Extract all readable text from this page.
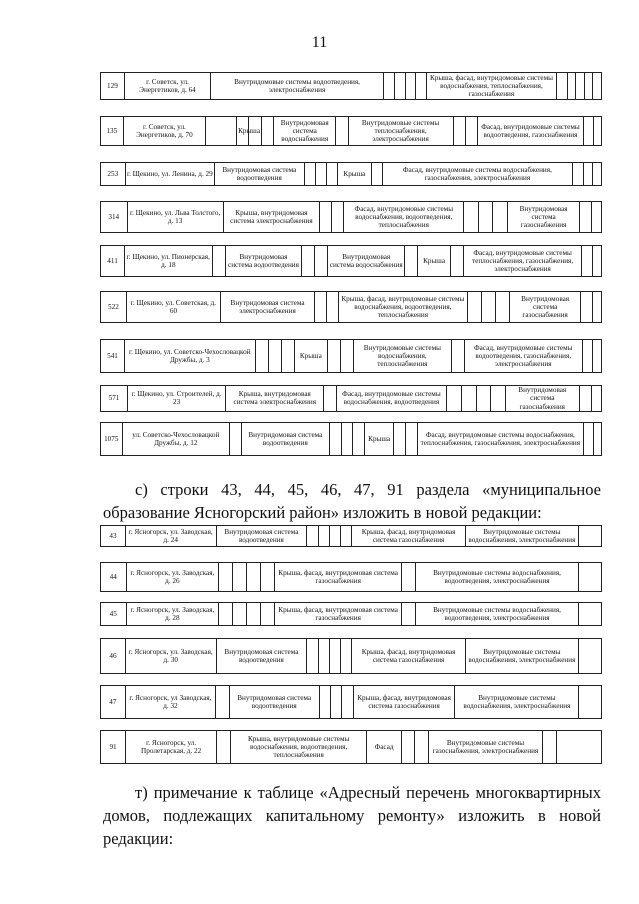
11
129	г. Советск, ул. Энергетиков, д. 64	Внутридомовые системы водоотведения, электроснабжения					Крыша, фасад, внутридомовые системы водоснабжения, теплоснабжения, газоснабжения					
135	г. Советск, ул. Энергетиков, д. 70		Крыша			Внутридомовая система водоснабжения		Внутридомовые системы теплоснабжения, электроснабжения			Фасад, внутридомовые системы водоотведения, газоснабжения		
253	г. Щекино, ул. Ленина, д. 29	Внутридомовая система водоотведения				Крыша		Фасад, внутридомовые системы водоснабжения, газоснабжения, электроснабжения			
314	г. Щекино, ул. Льва Толстого, д. 13	Крыша, внутридомовая система электроснабжения			Фасад, внутридомовые системы водоснабжения, водоотведения, теплоснабжения				Внутридомовая система газоснабжения		
411	г. Щекино, ул. Пионерская, д. 18		Внутридомовая система водоотведения			Внутридомовая система водоснабжения		Крыша		Фасад, внутридомовые системы теплоснабжения, газоснабжения, электроснабжения		
522	г. Щекино, ул. Советская, д. 60	Внутридомовая система электроснабжения			Крыша, фасад, внутридомовые системы водоснабжения, водоотведения, теплоснабжения				Внутридомовая система газоснабжения		
541	г. Щекино, ул. Советско-Чехословацкой Дружбы, д. 3				Крыша			Внутридомовые системы водоснабжения, теплоснабжения		Фасад, внутридомовые системы водоотведения, газоснабжения, электроснабжения		
571	г. Щекино, ул. Строителей, д. 23	Крыша, внутридомовая система электроснабжения		Фасад, внутридомовые системы водоснабжения, водоотведения					Внутридомовая система газоснабжения		
1075	ул. Советско-Чехословацкой Дружбы, д. 12		Внутридомовая система водоотведения				Крыша			Фасад, внутридомовые системы водоснабжения, теплоснабжения, газоснабжения, электроснабжения		
с) строки 43, 44, 45, 46, 47, 91 раздела «муниципальное образование Ясногорский район» изложить в новой редакции:
43	г. Ясногорск, ул. Заводская, д. 24	Внутридомовая система водоотведения					Крыша, фасад, внутридомовая система газоснабжения	Внутридомовые системы водоснабжения, электроснабжения	
44	г. Ясногорск, ул. Заводская, д. 26					Крыша, фасад, внутридомовая система газоснабжения		Внутридомовые системы водоснабжения, водоотведения, электроснабжения	
45	г. Ясногорск, ул. Заводская, д. 28					Крыша, фасад, внутридомовая система газоснабжения		Внутридомовые системы водоснабжения, водоотведения, электроснабжения	
46	г. Ясногорск, ул. Заводская, д. 30	Внутридомовая система водоотведения					Крыша, фасад, внутридомовая система газоснабжения	Внутридомовые системы водоснабжения, электроснабжения	
47	г. Ясногорск, ул Заводская, д. 32		Внутридомовая система водоотведения				Крыша, фасад, внутридомовая система газоснабжения	Внутридомовые системы водоснабжения, электроснабжения	
91	г. Ясногорск, ул. Пролетарская, д. 22		Крыша, внутридомовые системы водоснабжения, водоотведения, теплоснабжения	Фасад			Внутридомовые системы газоснабжения, электроснабжения		
т) примечание к таблице «Адресный перечень многоквартирных домов, подлежащих капитальному ремонту» изложить в новой редакции:
